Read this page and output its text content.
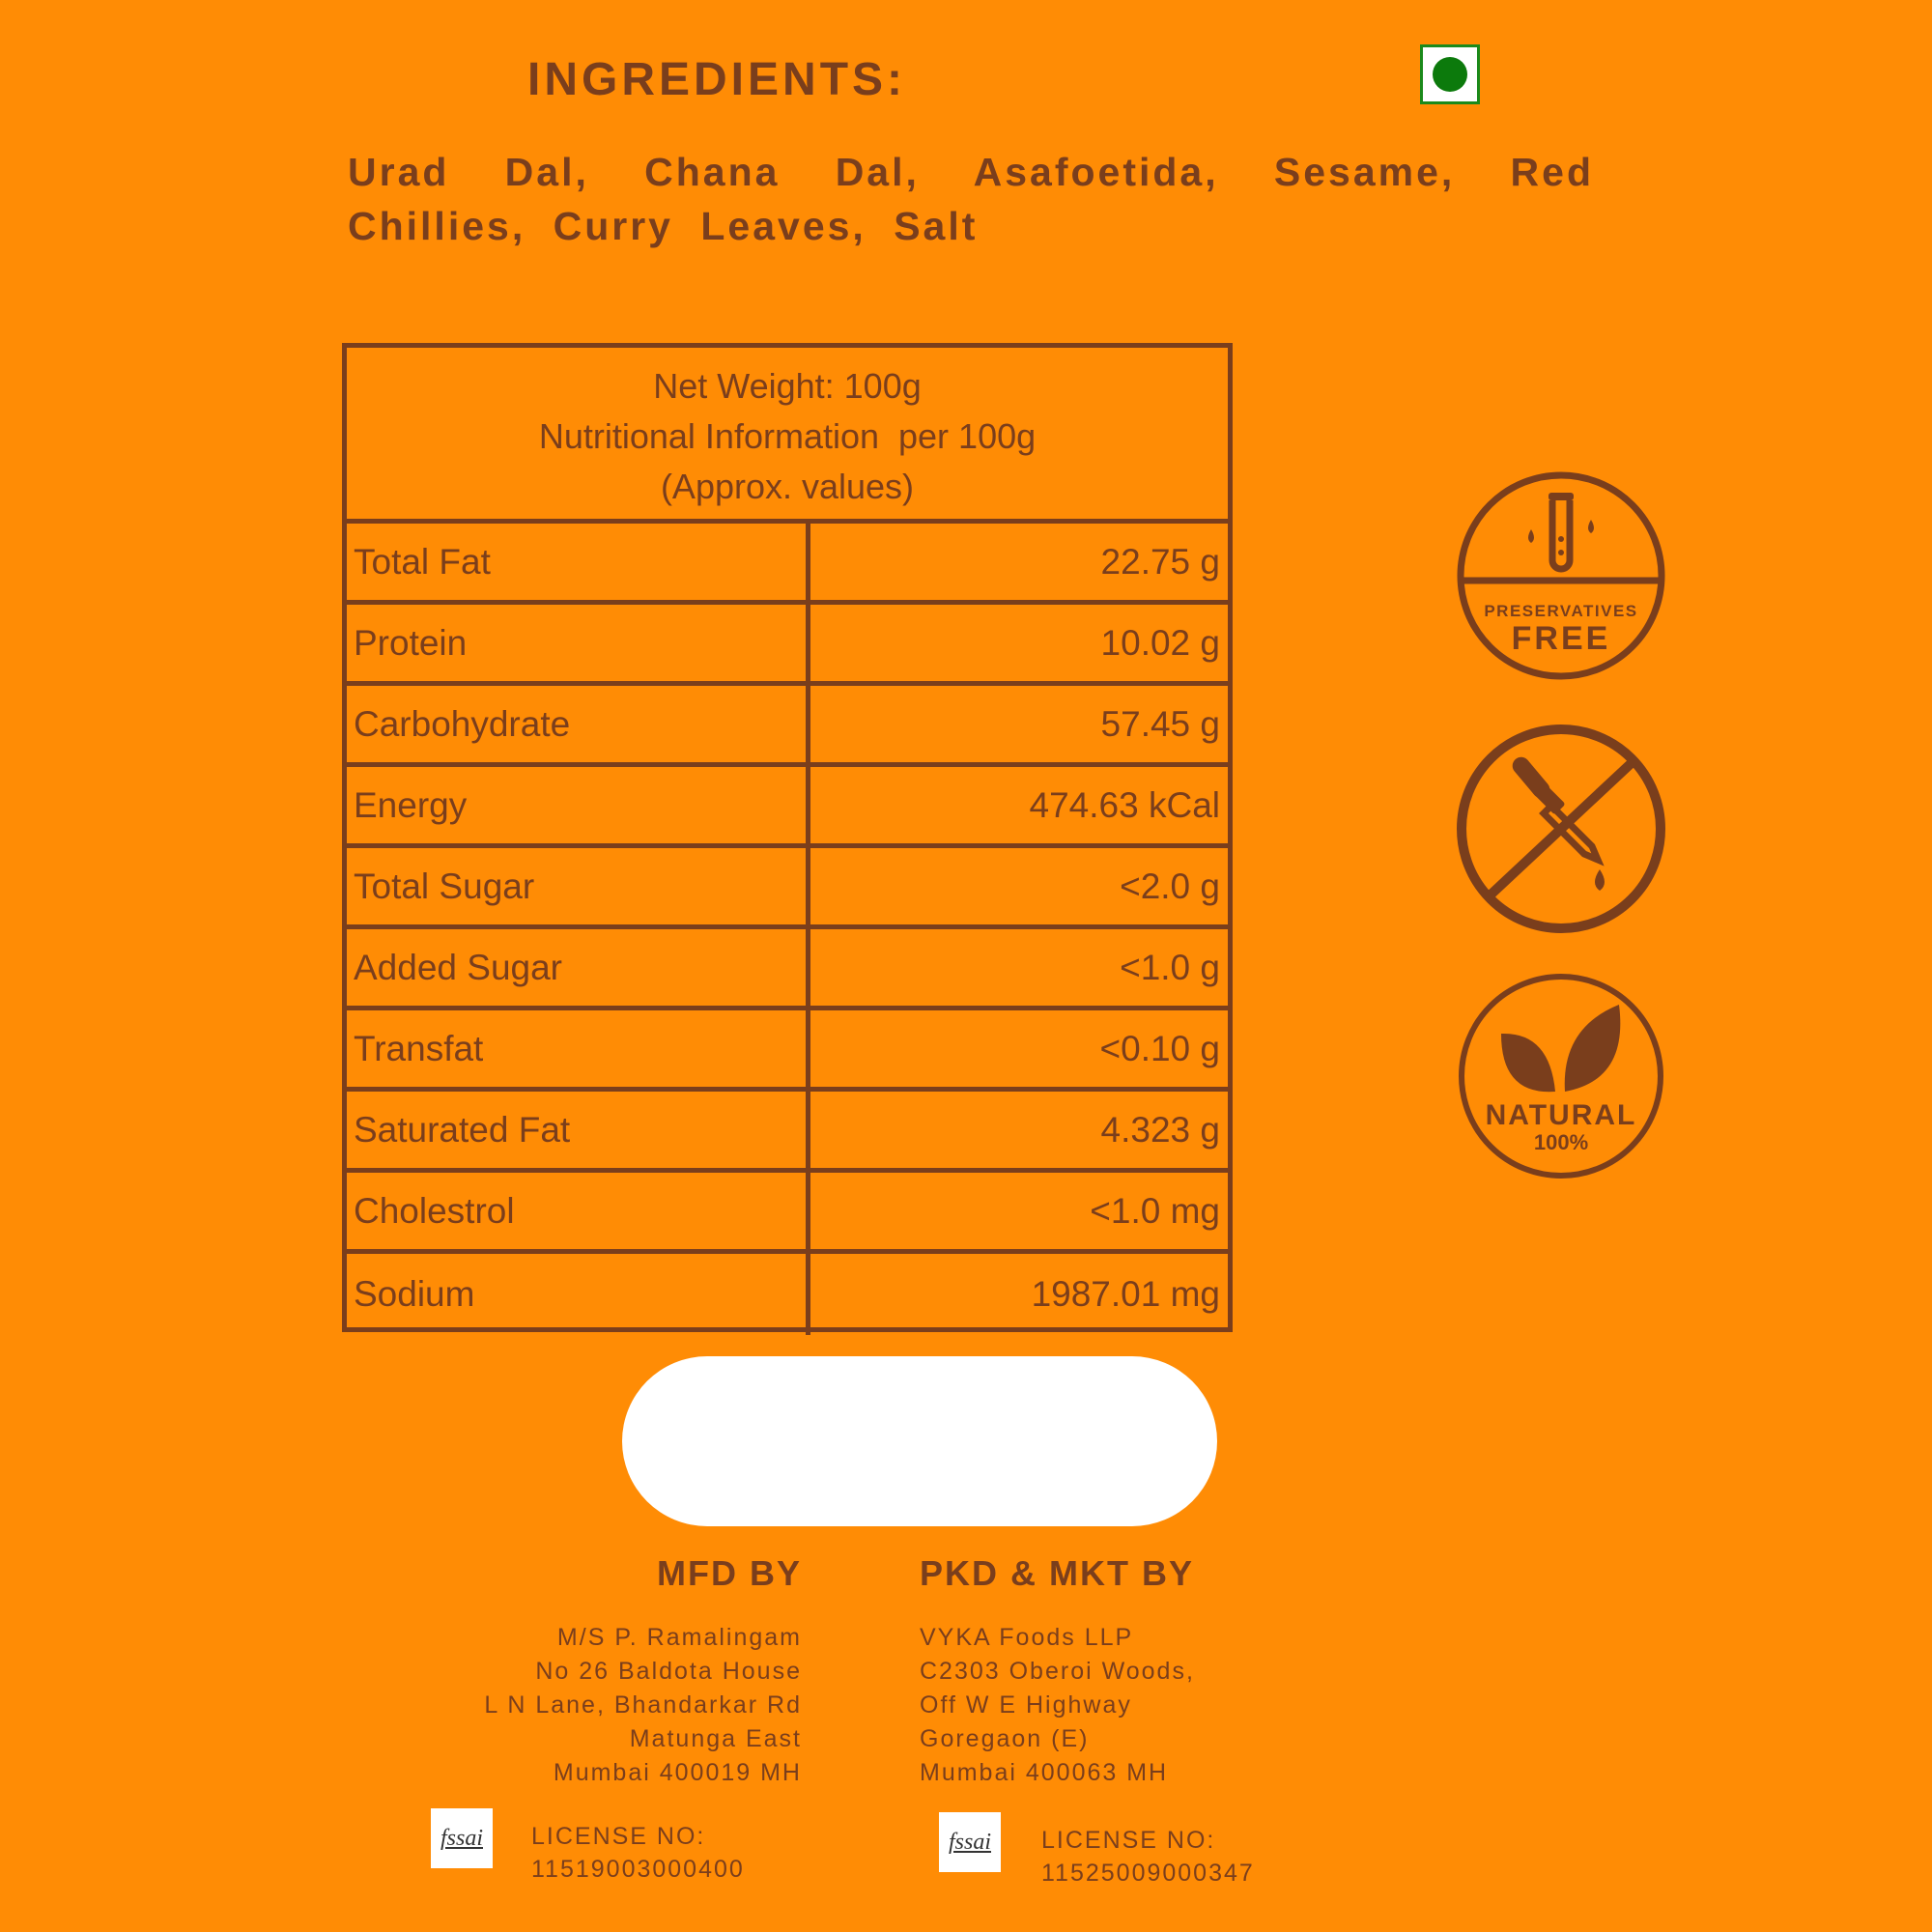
INGREDIENTS:
Urad Dal, Chana Dal, Asafoetida, Sesame, Red Chillies, Curry Leaves, Salt
Net Weight: 100g
Nutritional Information  per 100g
(Approx. values)
Total Fat	22.75 g
Protein	10.02 g
Carbohydrate	57.45 g
Energy	474.63 kCal
Total Sugar	<2.0 g
Added Sugar	<1.0 g
Transfat	<0.10 g
Saturated Fat	4.323 g
Cholestrol	<1.0 mg
Sodium	1987.01 mg
PRESERVATIVES
FREE
NATURAL
100%
MFD BY
M/S P. Ramalingam
No 26 Baldota House
L N Lane, Bhandarkar Rd
Matunga East
Mumbai 400019 MH
PKD & MKT BY
VYKA Foods LLP
C2303 Oberoi Woods,
Off W E Highway
Goregaon (E)
Mumbai 400063 MH
fssai	LICENSE NO:
11519003000400
fssai	LICENSE NO:
11525009000347
